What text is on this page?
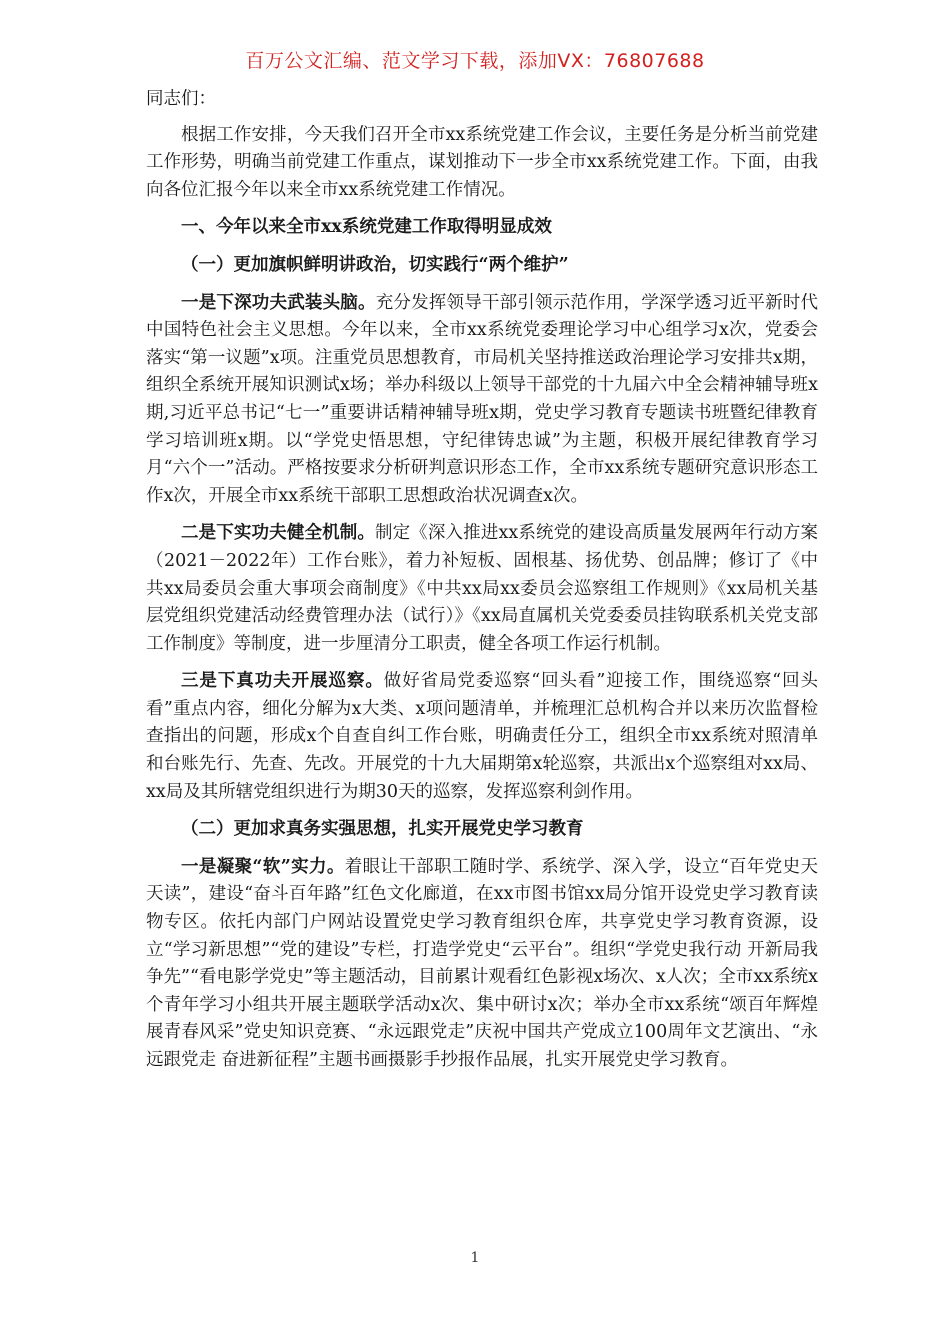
百万公文汇编、范文学习下载，添加VX：76807688

同志们：

根据工作安排，今天我们召开全市xx系统党建工作会议，主要任务是分析当前党建工作形势，明确当前党建工作重点，谋划推动下一步全市xx系统党建工作。下面，由我向各位汇报今年以来全市xx系统党建工作情况。

一、今年以来全市xx系统党建工作取得明显成效

（一）更加旗帜鲜明讲政治，切实践行“两个维护”

一是下深功夫武装头脑。充分发挥领导干部引领示范作用，学深学透习近平新时代中国特色社会主义思想。今年以来，全市xx系统党委理论学习中心组学习x次，党委会落实“第一议题”x项。注重党员思想教育，市局机关坚持推送政治理论学习安排共x期，组织全系统开展知识测试x场；举办科级以上领导干部党的十九届六中全会精神辅导班x期,习近平总书记“七一”重要讲话精神辅导班x期，党史学习教育专题读书班暨纪律教育学习培训班x期。以“学党史悟思想，守纪律铸忠诚”为主题，积极开展纪律教育学习月“六个一”活动。严格按要求分析研判意识形态工作，全市xx系统专题研究意识形态工作x次，开展全市xx系统干部职工思想政治状况调查x次。

二是下实功夫健全机制。制定《深入推进xx系统党的建设高质量发展两年行动方案（2021－2022年）工作台账》，着力补短板、固根基、扬优势、创品牌；修订了《中共xx局委员会重大事项会商制度》《中共xx局xx委员会巡察组工作规则》《xx局机关基层党组织党建活动经费管理办法（试行）》《xx局直属机关党委委员挂钩联系机关党支部工作制度》等制度，进一步厘清分工职责，健全各项工作运行机制。

三是下真功夫开展巡察。做好省局党委巡察“回头看”迎接工作，围绕巡察“回头看”重点内容，细化分解为x大类、x项问题清单，并梳理汇总机构合并以来历次监督检查指出的问题，形成x个自查自纠工作台账，明确责任分工，组织全市xx系统对照清单和台账先行、先查、先改。开展党的十九大届期第x轮巡察，共派出x个巡察组对xx局、xx局及其所辖党组织进行为期30天的巡察，发挥巡察利剑作用。

（二）更加求真务实强思想，扎实开展党史学习教育

一是凝聚“软”实力。着眼让干部职工随时学、系统学、深入学，设立“百年党史天天读”，建设“奋斗百年路”红色文化廊道，在xx市图书馆xx局分馆开设党史学习教育读物专区。依托内部门户网站设置党史学习教育组织仓库，共享党史学习教育资源，设立“学习新思想”“党的建设”专栏，打造学党史“云平台”。组织“学党史我行动 开新局我争先”“看电影学党史”等主题活动，目前累计观看红色影视x场次、x人次；全市xx系统x个青年学习小组共开展主题联学活动x次、集中研讨x次；举办全市xx系统“颂百年辉煌 展青春风采”党史知识竞赛、“永远跟党走”庆祝中国共产党成立100周年文艺演出、“永远跟党走 奋进新征程”主题书画摄影手抄报作品展，扎实开展党史学习教育。

1
